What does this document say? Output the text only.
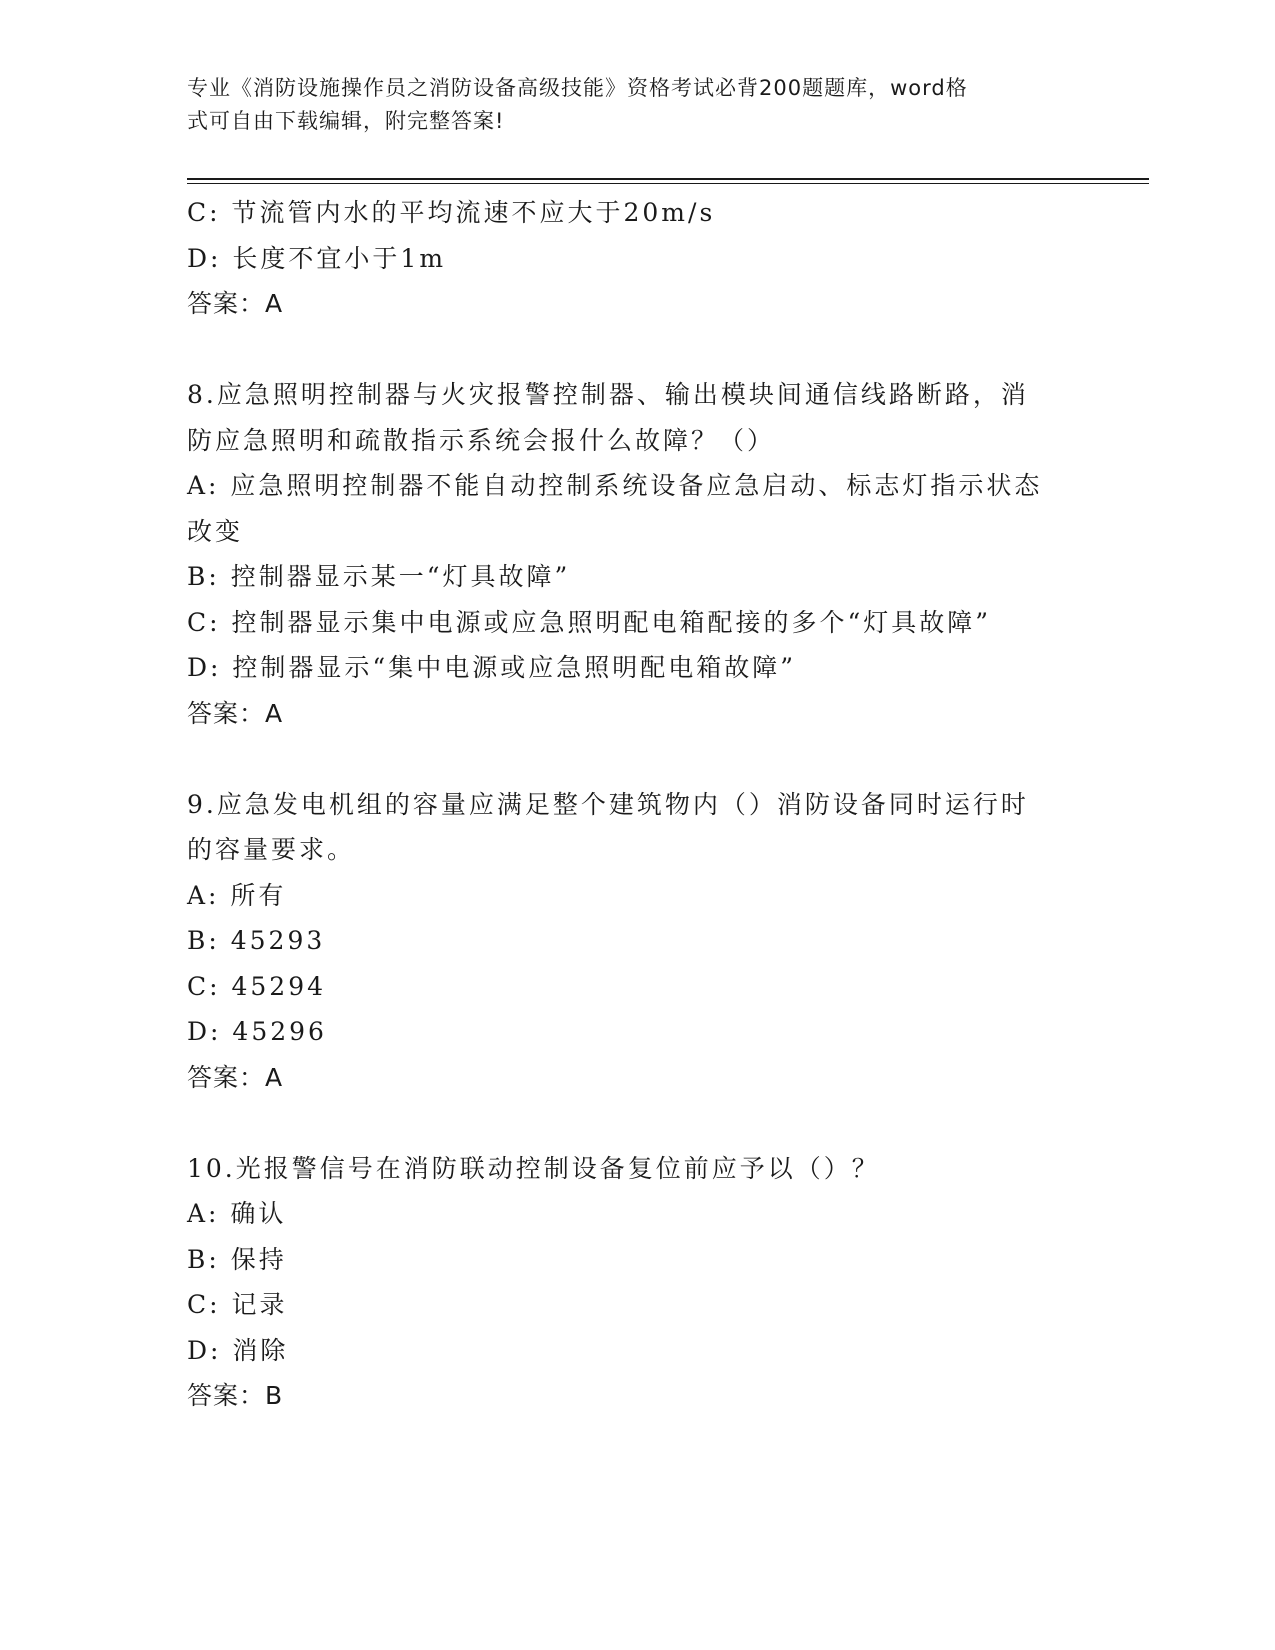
专业《消防设施操作员之消防设备高级技能》资格考试必背200题题库，word格
式可自由下载编辑，附完整答案!
C: 节流管内水的平均流速不应大于20m/s
D: 长度不宜小于1m
答案：A
8.应急照明控制器与火灾报警控制器、输出模块间通信线路断路，消
防应急照明和疏散指示系统会报什么故障？（）
A: 应急照明控制器不能自动控制系统设备应急启动、标志灯指示状态
改变
B: 控制器显示某一“灯具故障”
C: 控制器显示集中电源或应急照明配电箱配接的多个“灯具故障”
D: 控制器显示“集中电源或应急照明配电箱故障”
答案：A
9.应急发电机组的容量应满足整个建筑物内（）消防设备同时运行时
的容量要求。
A: 所有
B: 45293
C: 45294
D: 45296
答案：A
10.光报警信号在消防联动控制设备复位前应予以（）？
A: 确认
B: 保持
C: 记录
D: 消除
答案：B
